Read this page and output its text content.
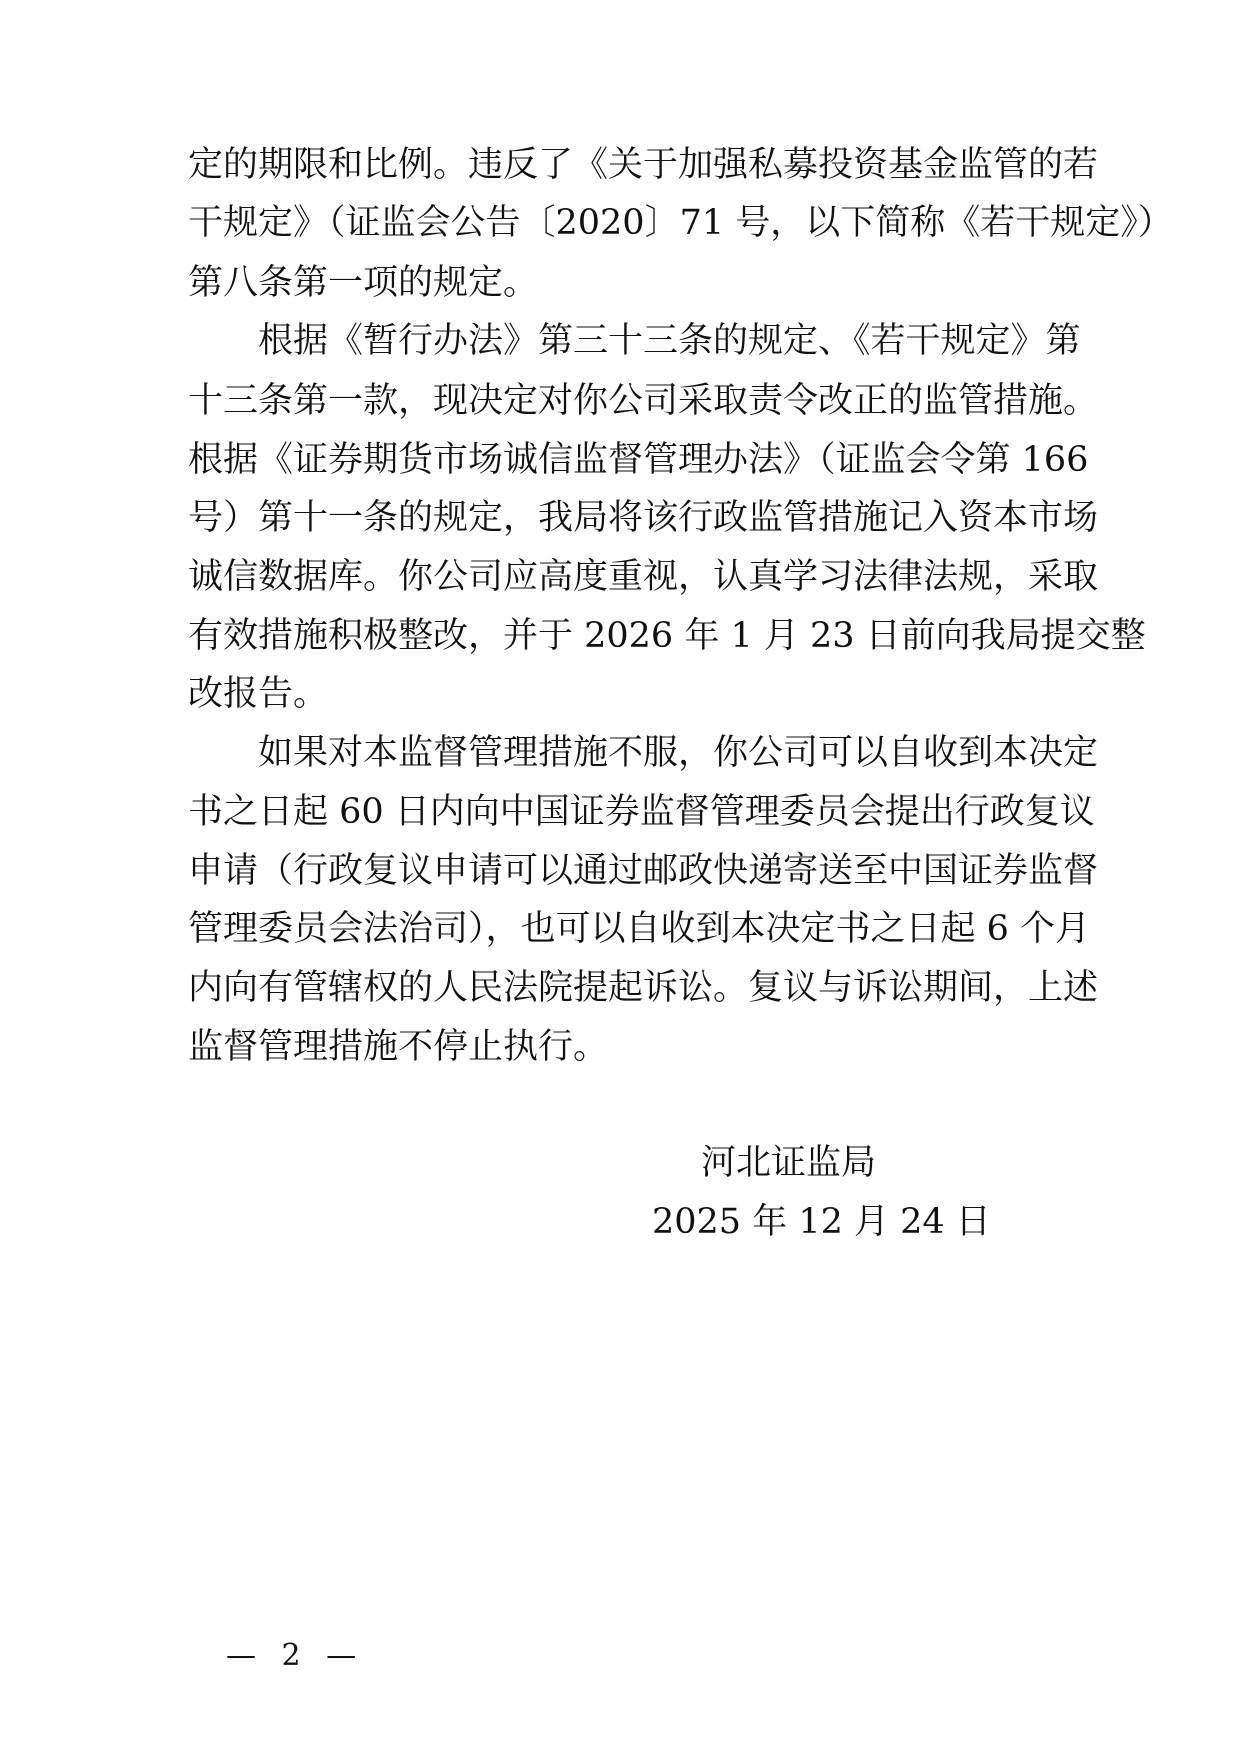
定的期限和比例。违反了《关于加强私募投资基金监管的若
干规定》（证监会公告〔2020〕71 号，以下简称《若干规定》）
第八条第一项的规定。
根据《暂行办法》第三十三条的规定、《若干规定》第
十三条第一款，现决定对你公司采取责令改正的监管措施。
根据《证券期货市场诚信监督管理办法》（证监会令第 166
号）第十一条的规定，我局将该行政监管措施记入资本市场
诚信数据库。你公司应高度重视，认真学习法律法规，采取
有效措施积极整改，并于 2026 年 1 月 23 日前向我局提交整
改报告。
如果对本监督管理措施不服，你公司可以自收到本决定
书之日起 60 日内向中国证券监督管理委员会提出行政复议
申请（行政复议申请可以通过邮政快递寄送至中国证券监督
管理委员会法治司），也可以自收到本决定书之日起 6 个月
内向有管辖权的人民法院提起诉讼。复议与诉讼期间，上述
监督管理措施不停止执行。
河北证监局
2025 年 12 月 24 日
— 2 —
